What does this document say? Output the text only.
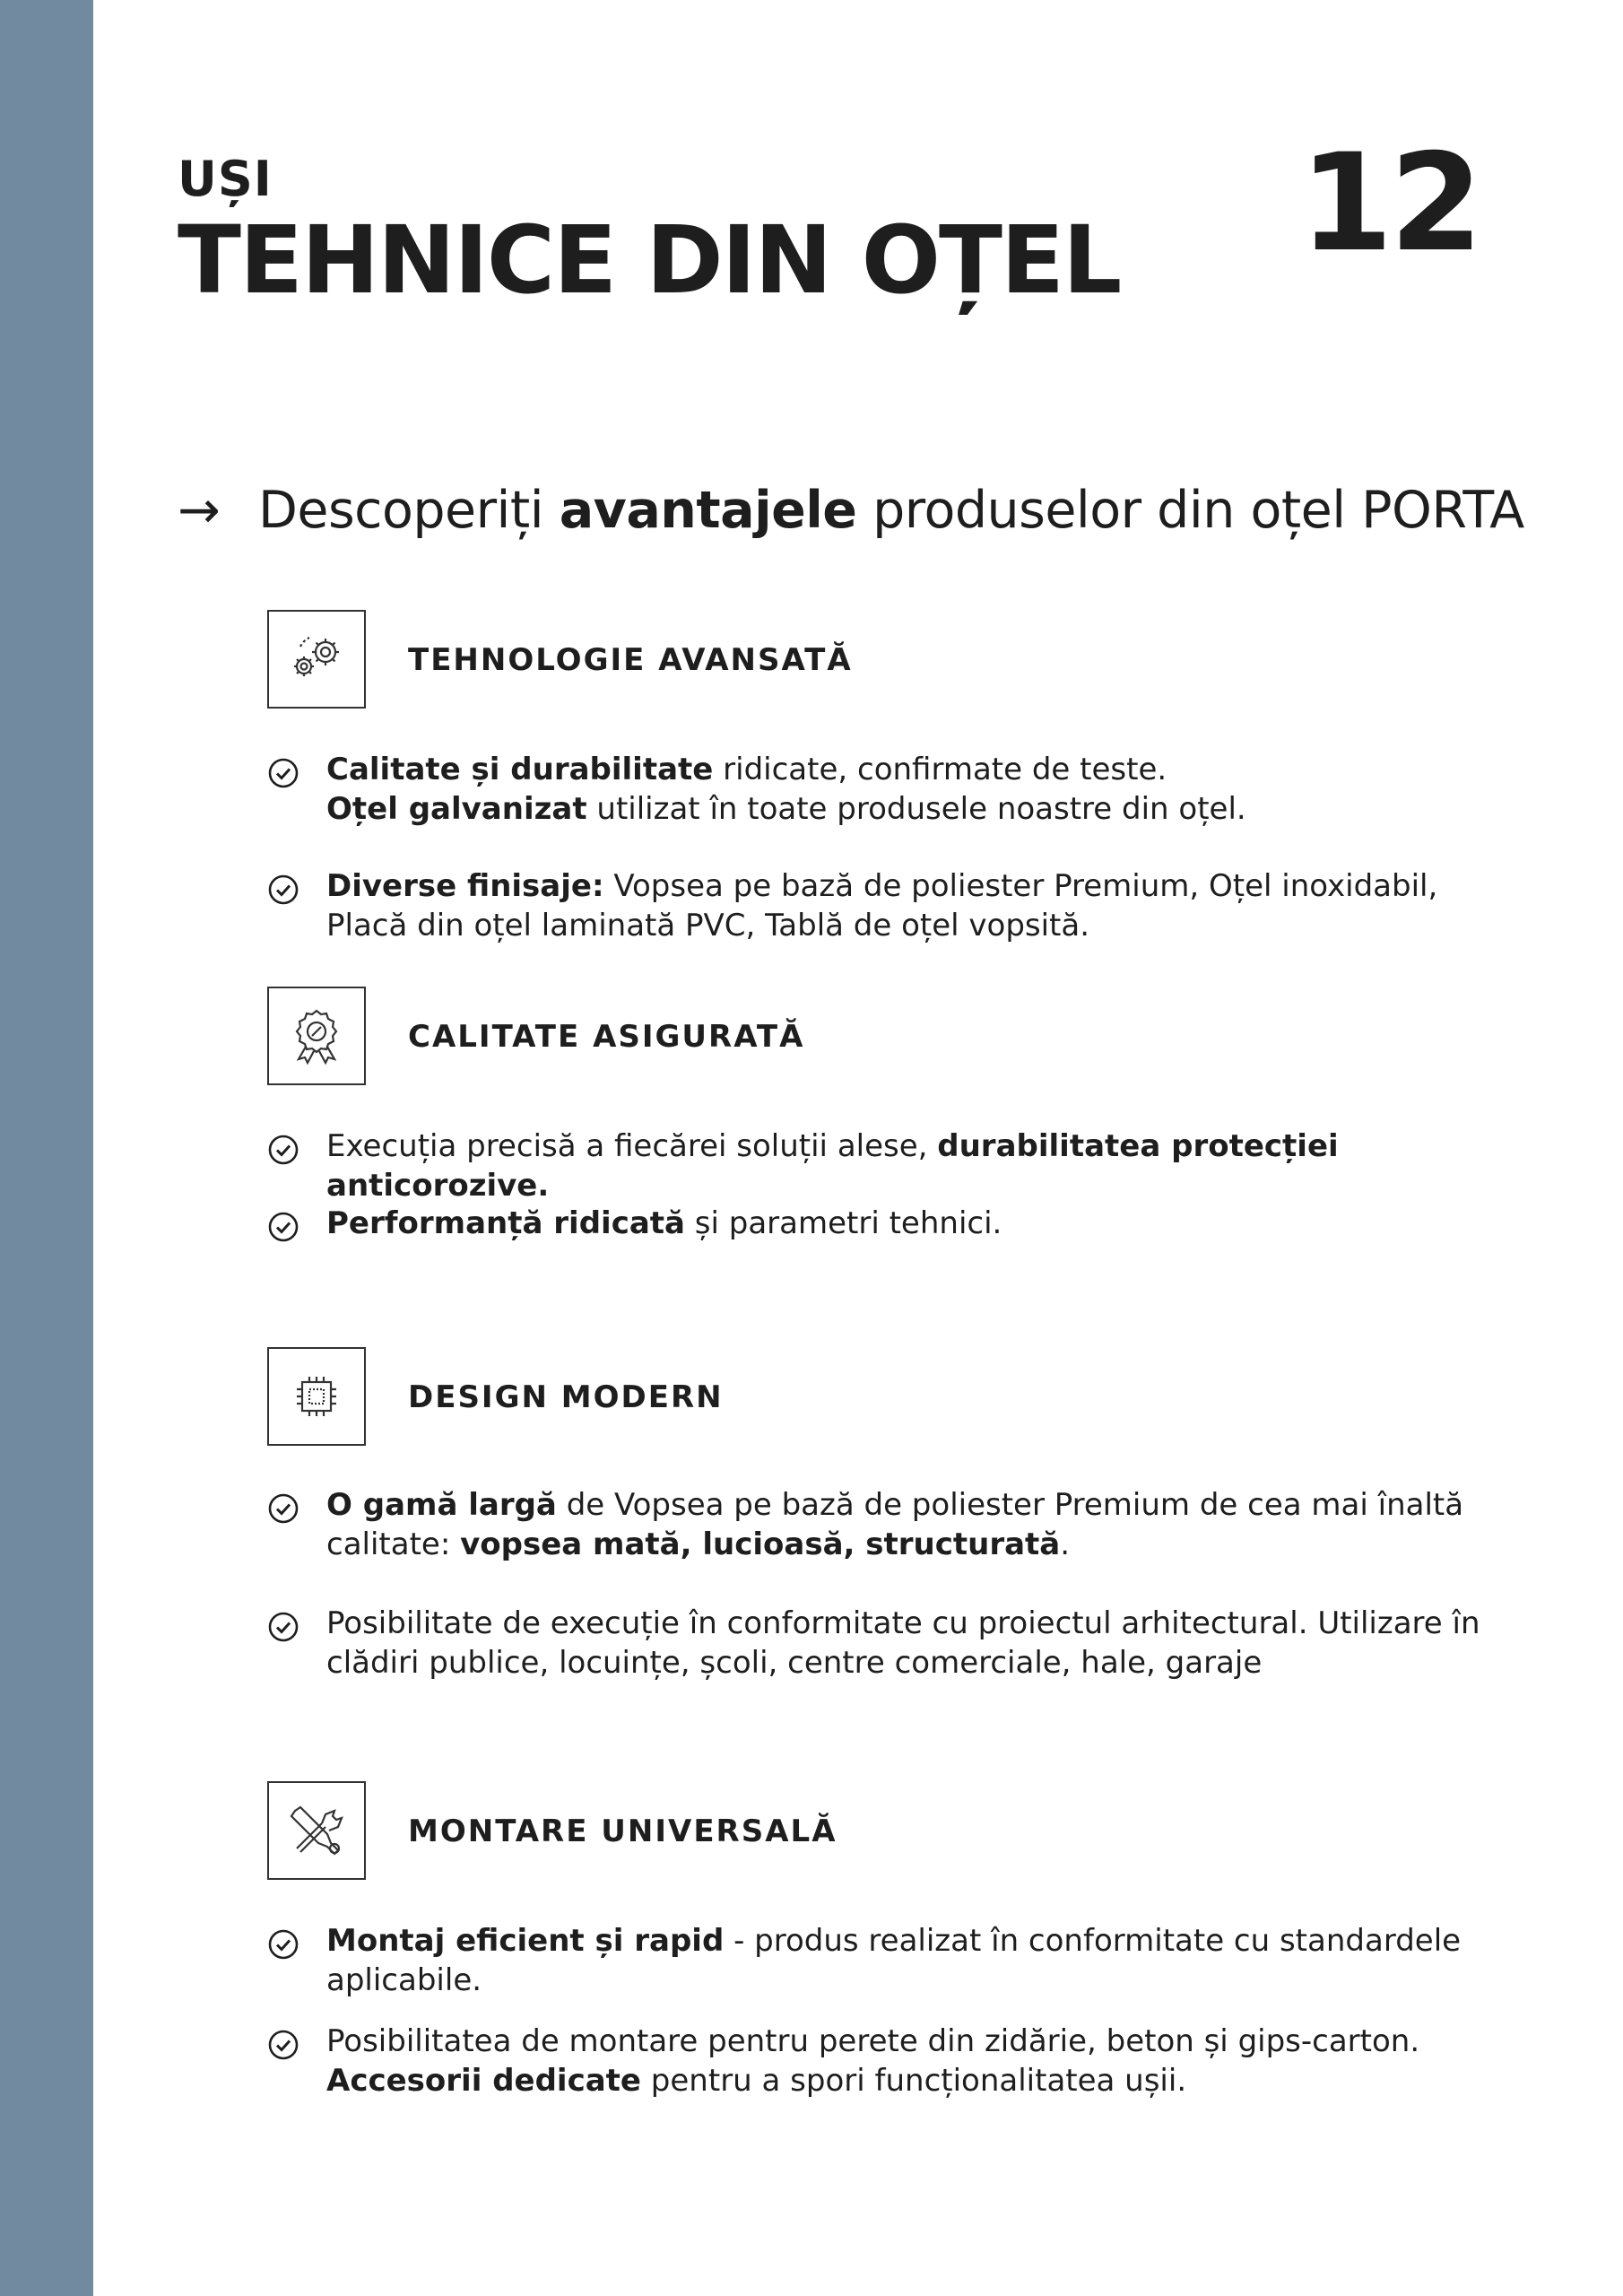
UȘI
TEHNICE DIN OȚEL 12
→ Descoperiți avantajele produselor din oțel PORTA
TEHNOLOGIE AVANSATĂ
Calitate și durabilitate ridicate, confirmate de teste.
Oțel galvanizat utilizat în toate produsele noastre din oțel.
Diverse finisaje: Vopsea pe bază de poliester Premium, Oțel inoxidabil,
Placă din oțel laminată PVC, Tablă de oțel vopsită.
CALITATE ASIGURATĂ
Execuția precisă a fiecărei soluții alese, durabilitatea protecției anticorozive.
Performanță ridicată și parametri tehnici.
DESIGN MODERN
O gamă largă de Vopsea pe bază de poliester Premium de cea mai înaltă
calitate: vopsea mată, lucioasă, structurată.
Posibilitate de execuție în conformitate cu proiectul arhitectural. Utilizare în
clădiri publice, locuințe, școli, centre comerciale, hale, garaje
MONTARE UNIVERSALĂ
Montaj eficient și rapid - produs realizat în conformitate cu standardele
aplicabile.
Posibilitatea de montare pentru perete din zidărie, beton și gips-carton.
Accesorii dedicate pentru a spori funcționalitatea ușii.
